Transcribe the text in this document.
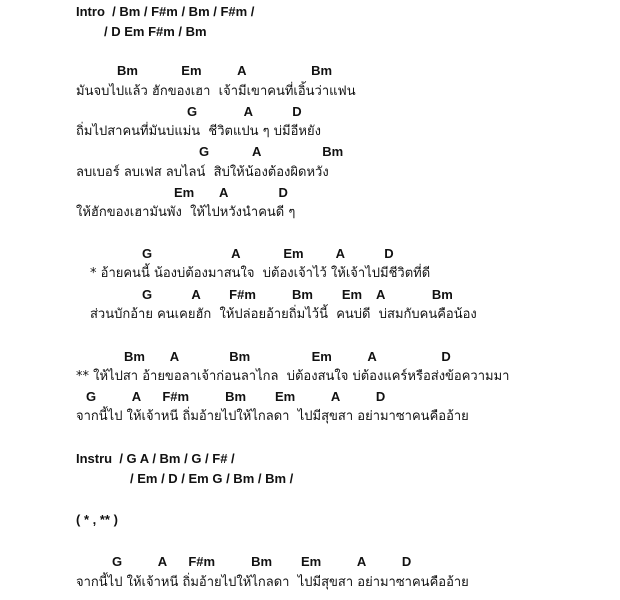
Intro  / Bm / F#m / Bm / F#m /
/ D Em F#m / Bm
Bm            Em          A                  Bm
มันจบไปแล้ว ฮักของเฮา  เจ้ามีเขาคนที่เอิ้นว่าแฟน
G             A           D
ถิ่มไปสาคนที่มันบ่แม่น  ชีวิตแปน ๆ บ่มีอีหยัง
G            A                 Bm
ลบเบอร์ ลบเฟส ลบไลน์  สิบ่ให้น้องต้องผิดหวัง
Em       A              D
ให้ฮักของเฮามันพัง  ให้ไปหวังนำคนดี ๆ
G                      A            Em         A           D
* อ้ายคนนี้ น้องบ่ต้องมาสนใจ  บ่ต้องเจ้าไว้ ให้เจ้าไปมีชีวิตที่ดี
G           A        F#m          Bm        Em    A             Bm
ส่วนบักอ้าย คนเคยฮัก  ให้ปล่อยอ้ายถิ่มไว้นี้  คนบ่ดี  บ่สมกับคนคือน้อง
Bm       A              Bm                 Em          A                  D
** ให้ไปสา อ้ายขอลาเจ้าก่อนลาไกล  บ่ต้องสนใจ บ่ต้องแคร์หรือส่งข้อความมา
G          A      F#m          Bm        Em          A          D
จากนี้ไป ให้เจ้าหนี ถิ่มอ้ายไปให้ไกลดา  ไปมีสุขสา อย่ามาซาคนคืออ้าย
Instru  / G A / Bm / G / F# /
/ Em / D / Em G / Bm / Bm /
( * , ** )
G          A      F#m          Bm        Em          A          D
จากนี้ไป ให้เจ้าหนี ถิ่มอ้ายไปให้ไกลดา  ไปมีสุขสา อย่ามาซาคนคืออ้าย
